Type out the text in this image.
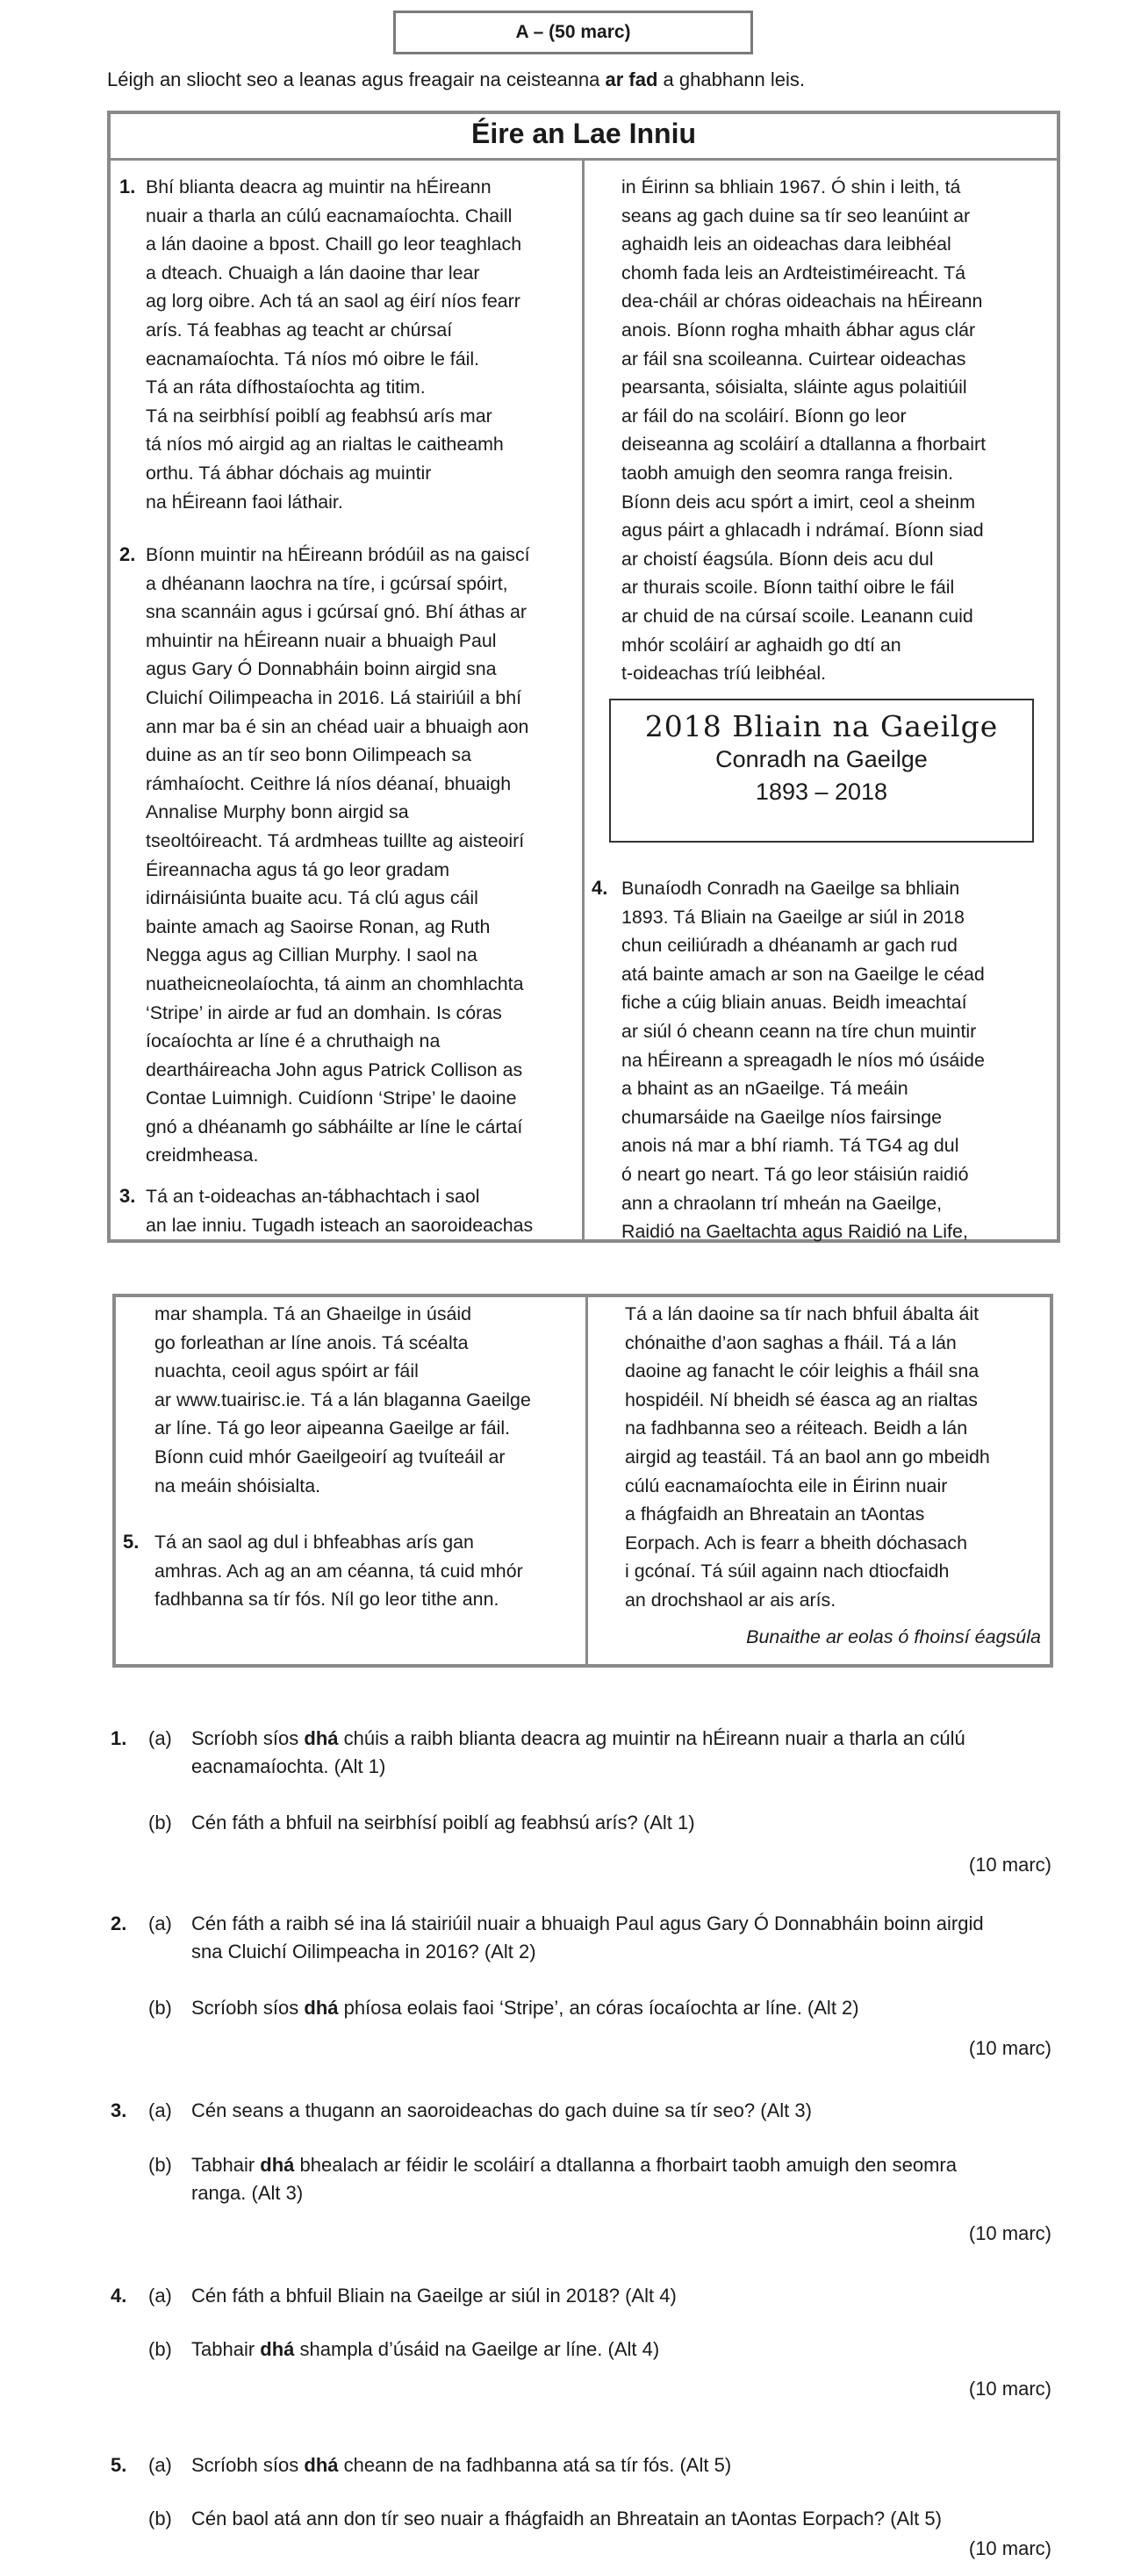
A – (50 marc)
Léigh an sliocht seo a leanas agus freagair na ceisteanna ar fad a ghabhann leis.
Éire an Lae Inniu
1. Bhí blianta deacra ag muintir na hÉireann
nuair a tharla an cúlú eacnamaíochta. Chaill
a lán daoine a bpost. Chaill go leor teaghlach
a dteach. Chuaigh a lán daoine thar lear
ag lorg oibre. Ach tá an saol ag éirí níos fearr
arís. Tá feabhas ag teacht ar chúrsaí
eacnamaíochta. Tá níos mó oibre le fáil.
Tá an ráta dífhostaíochta ag titim.
Tá na seirbhísí poiblí ag feabhsú arís mar
tá níos mó airgid ag an rialtas le caitheamh
orthu. Tá ábhar dóchais ag muintir
na hÉireann faoi láthair.
2. Bíonn muintir na hÉireann bródúil as na gaiscí
a dhéanann laochra na tíre, i gcúrsaí spóirt,
sna scannáin agus i gcúrsaí gnó. Bhí áthas ar
mhuintir na hÉireann nuair a bhuaigh Paul
agus Gary Ó Donnabháin boinn airgid sna
Cluichí Oilimpeacha in 2016. Lá stairiúil a bhí
ann mar ba é sin an chéad uair a bhuaigh aon
duine as an tír seo bonn Oilimpeach sa
rámhaíocht. Ceithre lá níos déanaí, bhuaigh
Annalise Murphy bonn airgid sa
tseoltóireacht. Tá ardmheas tuillte ag aisteoirí
Éireannacha agus tá go leor gradam
idirnáisiúnta buaite acu. Tá clú agus cáil
bainte amach ag Saoirse Ronan, ag Ruth
Negga agus ag Cillian Murphy. I saol na
nuatheicneolaíochta, tá ainm an chomhlachta
‘Stripe’ in airde ar fud an domhain. Is córas
íocaíochta ar líne é a chruthaigh na
deartháireacha John agus Patrick Collison as
Contae Luimnigh. Cuidíonn ‘Stripe’ le daoine
gnó a dhéanamh go sábháilte ar líne le cártaí
creidmheasa.
3. Tá an t-oideachas an-tábhachtach i saol
an lae inniu. Tugadh isteach an saoroideachas
in Éirinn sa bhliain 1967. Ó shin i leith, tá
seans ag gach duine sa tír seo leanúint ar
aghaidh leis an oideachas dara leibhéal
chomh fada leis an Ardteistiméireacht. Tá
dea-cháil ar chóras oideachais na hÉireann
anois. Bíonn rogha mhaith ábhar agus clár
ar fáil sna scoileanna. Cuirtear oideachas
pearsanta, sóisialta, sláinte agus polaitiúil
ar fáil do na scoláirí. Bíonn go leor
deiseanna ag scoláirí a dtallanna a fhorbairt
taobh amuigh den seomra ranga freisin.
Bíonn deis acu spórt a imirt, ceol a sheinm
agus páirt a ghlacadh i ndrámaí. Bíonn siad
ar choistí éagsúla. Bíonn deis acu dul
ar thurais scoile. Bíonn taithí oibre le fáil
ar chuid de na cúrsaí scoile. Leanann cuid
mhór scoláirí ar aghaidh go dtí an
t-oideachas tríú leibhéal.
2018 Bliain na Gaeilge
Conradh na Gaeilge
1893 – 2018
4. Bunaíodh Conradh na Gaeilge sa bhliain
1893. Tá Bliain na Gaeilge ar siúl in 2018
chun ceiliúradh a dhéanamh ar gach rud
atá bainte amach ar son na Gaeilge le céad
fiche a cúig bliain anuas. Beidh imeachtaí
ar siúl ó cheann ceann na tíre chun muintir
na hÉireann a spreagadh le níos mó úsáide
a bhaint as an nGaeilge. Tá meáin
chumarsáide na Gaeilge níos fairsinge
anois ná mar a bhí riamh. Tá TG4 ag dul
ó neart go neart. Tá go leor stáisiún raidió
ann a chraolann trí mheán na Gaeilge,
Raidió na Gaeltachta agus Raidió na Life,
mar shampla. Tá an Ghaeilge in úsáid
go forleathan ar líne anois. Tá scéalta
nuachta, ceoil agus spóirt ar fáil
ar www.tuairisc.ie. Tá a lán blaganna Gaeilge
ar líne. Tá go leor aipeanna Gaeilge ar fáil.
Bíonn cuid mhór Gaeilgeoirí ag tvuíteáil ar
na meáin shóisialta.
5. Tá an saol ag dul i bhfeabhas arís gan
amhras. Ach ag an am céanna, tá cuid mhór
fadhbanna sa tír fós. Níl go leor tithe ann.
Tá a lán daoine sa tír nach bhfuil ábalta áit
chónaithe d’aon saghas a fháil. Tá a lán
daoine ag fanacht le cóir leighis a fháil sna
hospidéil. Ní bheidh sé éasca ag an rialtas
na fadhbanna seo a réiteach. Beidh a lán
airgid ag teastáil. Tá an baol ann go mbeidh
cúlú eacnamaíochta eile in Éirinn nuair
a fhágfaidh an Bhreatain an tAontas
Eorpach. Ach is fearr a bheith dóchasach
i gcónaí. Tá súil againn nach dtiocfaidh
an drochshaol ar ais arís.
Bunaithe ar eolas ó fhoinsí éagsúla
1. (a) Scríobh síos dhá chúis a raibh blianta deacra ag muintir na hÉireann nuair a tharla an cúlú
eacnamaíochta. (Alt 1)
(b) Cén fáth a bhfuil na seirbhísí poiblí ag feabhsú arís? (Alt 1)
(10 marc)
2. (a) Cén fáth a raibh sé ina lá stairiúil nuair a bhuaigh Paul agus Gary Ó Donnabháin boinn airgid
sna Cluichí Oilimpeacha in 2016? (Alt 2)
(b) Scríobh síos dhá phíosa eolais faoi ‘Stripe’, an córas íocaíochta ar líne. (Alt 2)
(10 marc)
3. (a) Cén seans a thugann an saoroideachas do gach duine sa tír seo? (Alt 3)
(b) Tabhair dhá bhealach ar féidir le scoláirí a dtallanna a fhorbairt taobh amuigh den seomra
ranga. (Alt 3)
(10 marc)
4. (a) Cén fáth a bhfuil Bliain na Gaeilge ar siúl in 2018? (Alt 4)
(b) Tabhair dhá shampla d’úsáid na Gaeilge ar líne. (Alt 4)
(10 marc)
5. (a) Scríobh síos dhá cheann de na fadhbanna atá sa tír fós. (Alt 5)
(b) Cén baol atá ann don tír seo nuair a fhágfaidh an Bhreatain an tAontas Eorpach? (Alt 5)
(10 marc)
